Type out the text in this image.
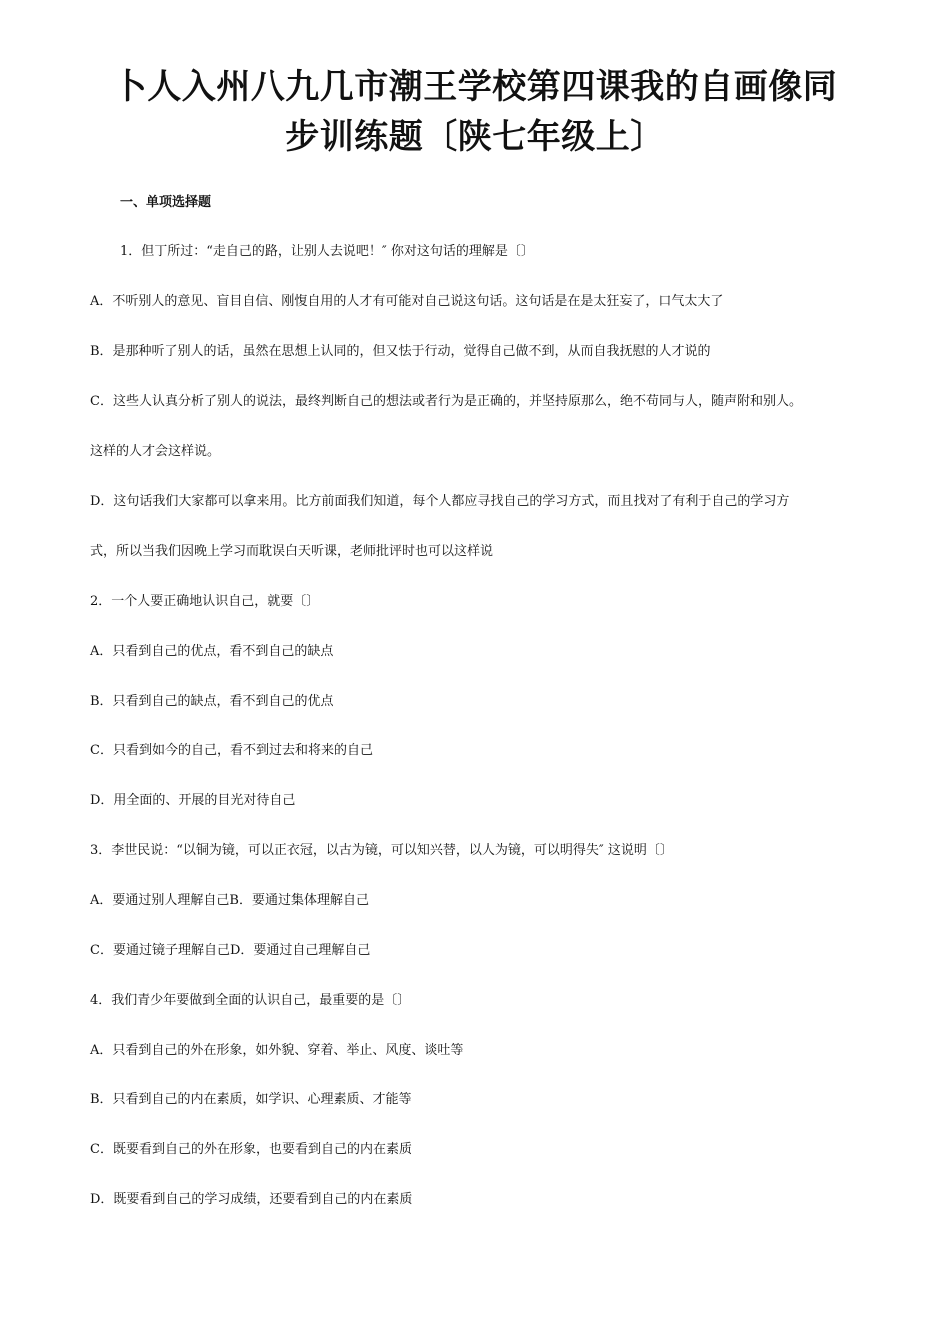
卜人入州八九几市潮王学校第四课我的自画像同
步训练题〔陕七年级上〕
一、单项选择题
1．但丁所过：“走自己的路，让别人去说吧！″ 你对这句话的理解是〔〕
A．不听别人的意见、盲目自信、刚愎自用的人才有可能对自己说这句话。这句话是在是太狂妄了，口气太大了
B．是那种听了别人的话，虽然在思想上认同的，但又怯于行动，觉得自己做不到，从而自我抚慰的人才说的
C．这些人认真分析了别人的说法，最终判断自己的想法或者行为是正确的，并坚持原那么，绝不苟同与人，随声附和别人。
这样的人才会这样说。
D．这句话我们大家都可以拿来用。比方前面我们知道，每个人都应寻找自己的学习方式，而且找对了有利于自己的学习方
式，所以当我们因晚上学习而耽误白天听课，老师批评时也可以这样说
2．一个人要正确地认识自己，就要〔〕
A．只看到自己的优点，看不到自己的缺点
B．只看到自己的缺点，看不到自己的优点
C．只看到如今的自己，看不到过去和将来的自己
D．用全面的、开展的目光对待自己
3．李世民说：“以铜为镜，可以正衣冠，以古为镜，可以知兴替，以人为镜，可以明得失″ 这说明〔〕
A．要通过别人理解自己B．要通过集体理解自己
C．要通过镜子理解自己D．要通过自己理解自己
4．我们青少年要做到全面的认识自己，最重要的是〔〕
A．只看到自己的外在形象，如外貌、穿着、举止、风度、谈吐等
B．只看到自己的内在素质，如学识、心理素质、才能等
C．既要看到自己的外在形象，也要看到自己的内在素质
D．既要看到自己的学习成绩，还要看到自己的内在素质
